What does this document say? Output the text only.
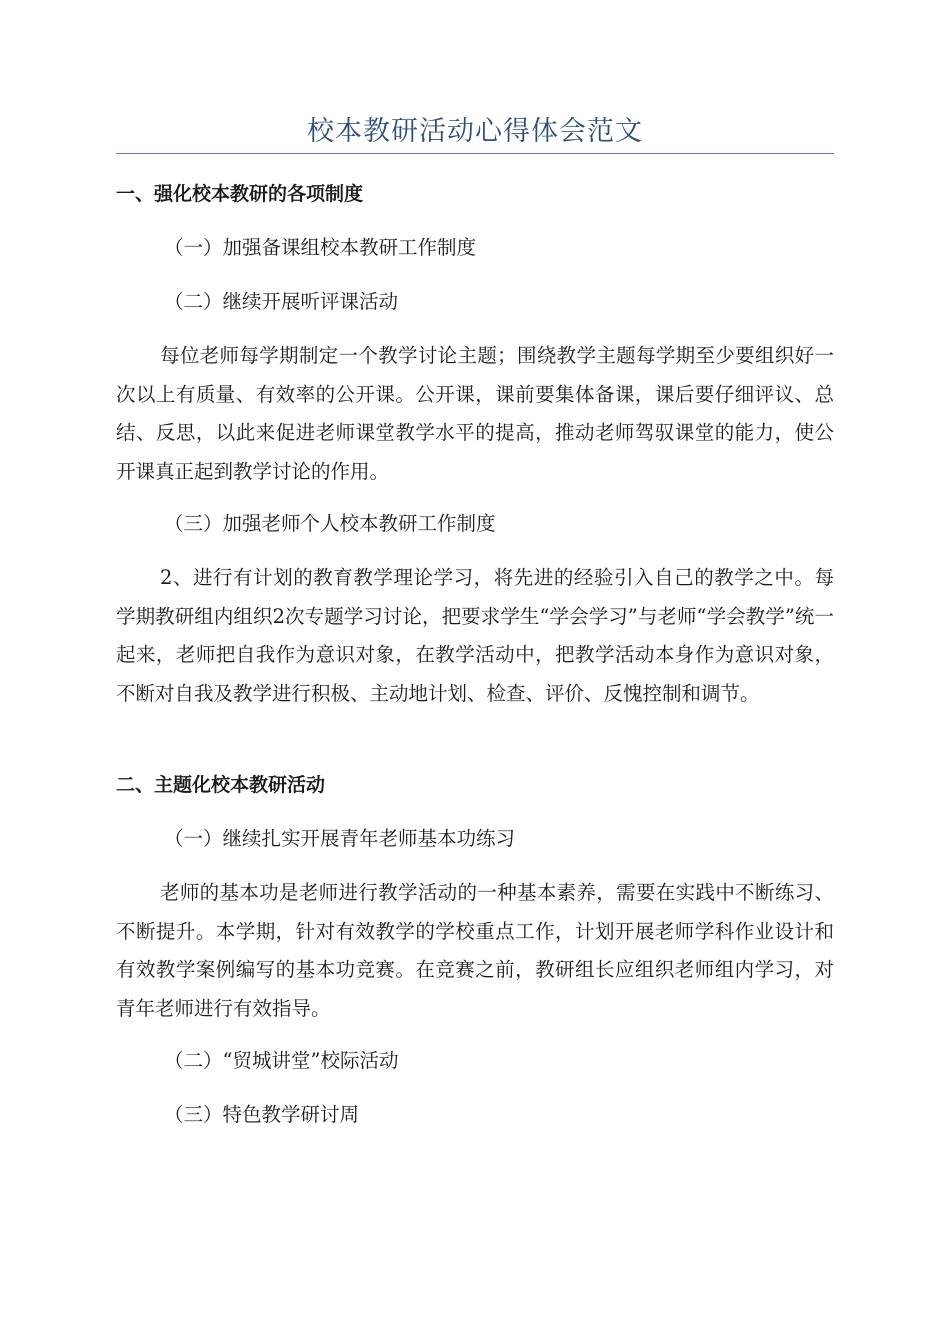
校本教研活动心得体会范文
一、强化校本教研的各项制度
（一）加强备课组校本教研工作制度
（二）继续开展听评课活动
每位老师每学期制定一个教学讨论主题；围绕教学主题每学期至少要组织好一次以上有质量、有效率的公开课。公开课，课前要集体备课，课后要仔细评议、总结、反思，以此来促进老师课堂教学水平的提高，推动老师驾驭课堂的能力，使公开课真正起到教学讨论的作用。
（三）加强老师个人校本教研工作制度
2、进行有计划的教育教学理论学习，将先进的经验引入自己的教学之中。每学期教研组内组织2次专题学习讨论，把要求学生“学会学习”与老师“学会教学”统一起来，老师把自我作为意识对象，在教学活动中，把教学活动本身作为意识对象，不断对自我及教学进行积极、主动地计划、检查、评价、反愧控制和调节。
二、主题化校本教研活动
（一）继续扎实开展青年老师基本功练习
老师的基本功是老师进行教学活动的一种基本素养，需要在实践中不断练习、不断提升。本学期，针对有效教学的学校重点工作，计划开展老师学科作业设计和有效教学案例编写的基本功竞赛。在竞赛之前，教研组长应组织老师组内学习，对青年老师进行有效指导。
（二）“贸城讲堂”校际活动
（三）特色教学研讨周
